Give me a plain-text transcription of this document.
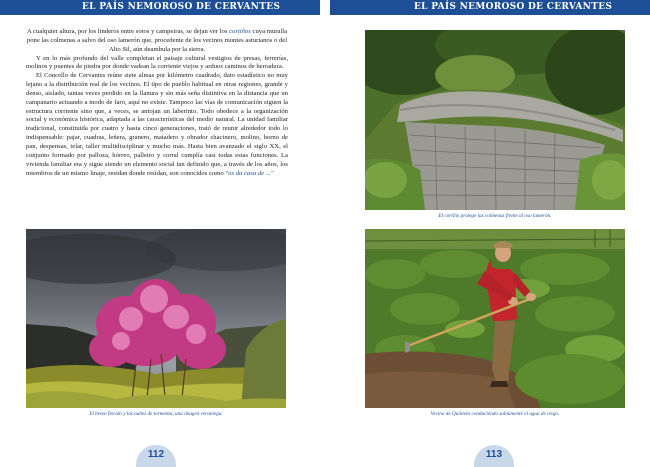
EL PAÍS NEMOROSO DE CERVANTES

A cualquier altura, por los linderos entre sotos y campeiras, se dejan ver los cortiños cuya muralla pone las colmenas a salvo del oso lamerón que, procedente de los vecinos montes asturianos o del Alto Sil, aún deambula por la sierra.

Y en lo más profundo del valle completan el paisaje cultural vestigios de presas, ferrerías, molinos y puentes de piedra por donde vadean la corriente viejos y arduos caminos de herradura.

El Concello de Cervantes reúne siete almas por kilómetro cuadrado, dato estadístico no muy lejano a la distribución real de los vecinos. El tipo de pueblo habitual en otras regiones, grande y denso, aislado, tantas veces perdido en la llanura y sin más seña distintiva en la distancia que un campanario actuando a modo de faro, aquí no existe. Tampoco las vías de comunicación siguen la estructura corriente sino que, a veces, se antojan un laberinto. Todo obedece a la organización social y económica histórica, adaptada a las características del medio natural. La unidad familiar tradicional, constituida por cuatro y hasta cinco generaciones, trató de reunir alrededor todo lo indispensable: pajar, cuadras, leñera, granero, matadero y obrador chacinero, molino, horno de pan, despensas, telar, taller multidisciplinar y mucho más. Hasta bien avanzado el siglo XX, el conjunto formado por palloza, hórreo, palleiro y corral cumplía casi todas estas funciones. La vivienda familiar era y sigue siendo un elemento social tan definido que, a través de los años, los miembros de un mismo linaje, residan donde residan, son conocidos como "os da casa de ..."

El brezo florido y las nubes de tormenta, una imagen veraniega.
112
EL PAÍS NEMOROSO DE CERVANTES
El cortiño protege las colmenas frente al oso lamerón.
Vecino de Quintela conduciendo sabiamente el agua de riego.
113
